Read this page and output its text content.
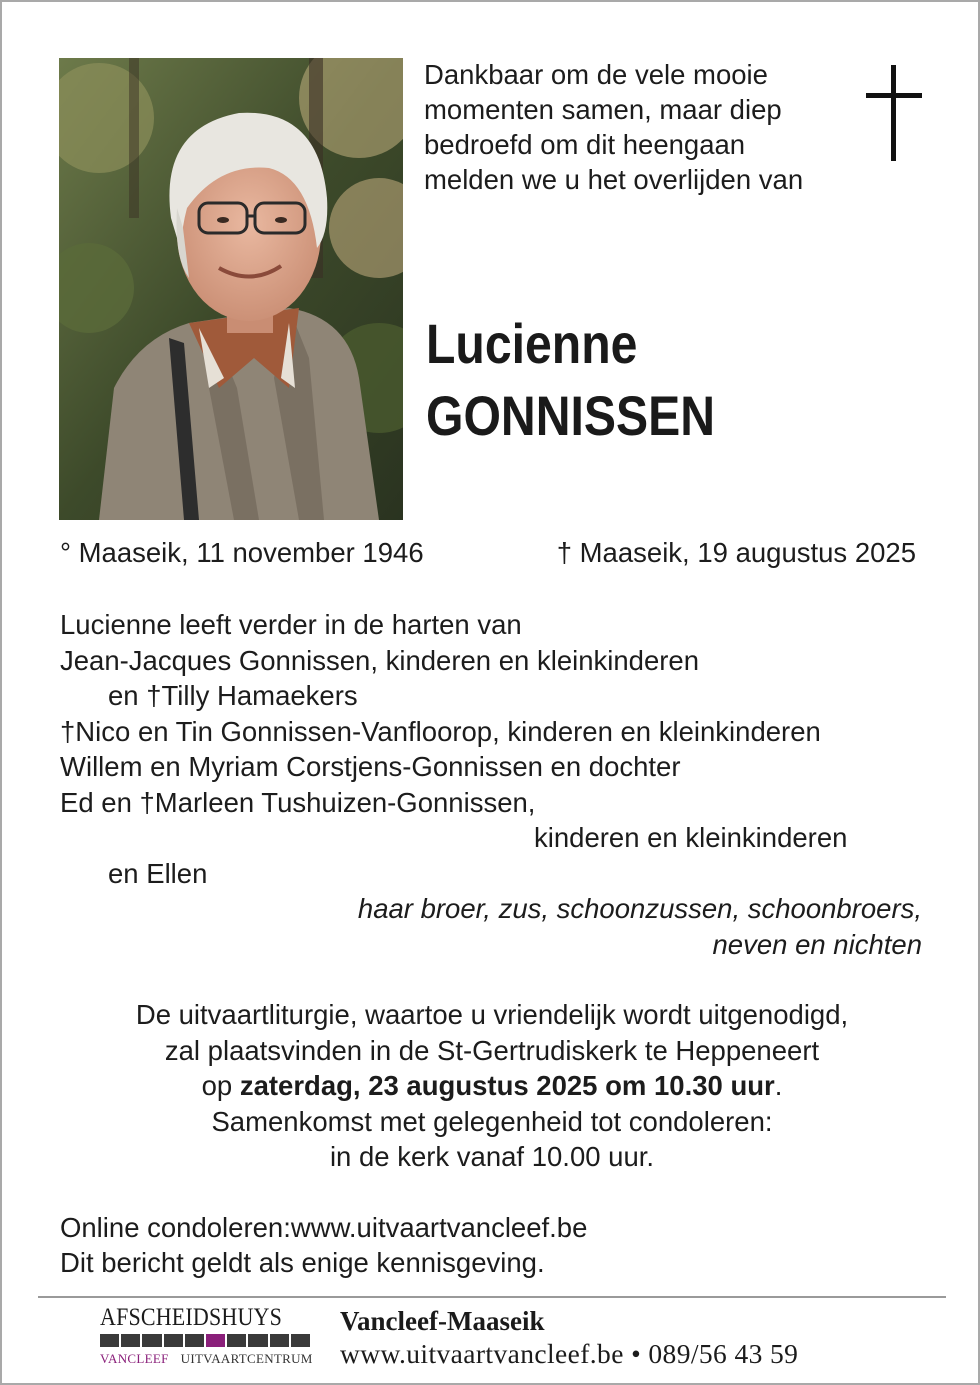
Dankbaar om de vele mooie
momenten samen, maar diep
bedroefd om dit heengaan
melden we u het overlijden van
Lucienne
GONNISSEN
° Maaseik, 11 november 1946	† Maaseik, 19 augustus 2025
Lucienne leeft verder in de harten van
Jean-Jacques Gonnissen, kinderen en kleinkinderen
en †Tilly Hamaekers
†Nico en Tin Gonnissen-Vanfloorop, kinderen en kleinkinderen
Willem en Myriam Corstjens-Gonnissen en dochter
Ed en †Marleen Tushuizen-Gonnissen,
kinderen en kleinkinderen
en Ellen
haar broer, zus, schoonzussen, schoonbroers,
neven en nichten
De uitvaartliturgie, waartoe u vriendelijk wordt uitgenodigd,
zal plaatsvinden in de St-Gertrudiskerk te Heppeneert
op zaterdag, 23 augustus 2025 om 10.30 uur.
Samenkomst met gelegenheid tot condoleren:
in de kerk vanaf 10.00 uur.
Online condoleren:www.uitvaartvancleef.be
Dit bericht geldt als enige kennisgeving.
AFSCHEIDSHUYS
VANCLEEF UITVAARTCENTRUM
Vancleef-Maaseik
www.uitvaartvancleef.be • 089/56 43 59
